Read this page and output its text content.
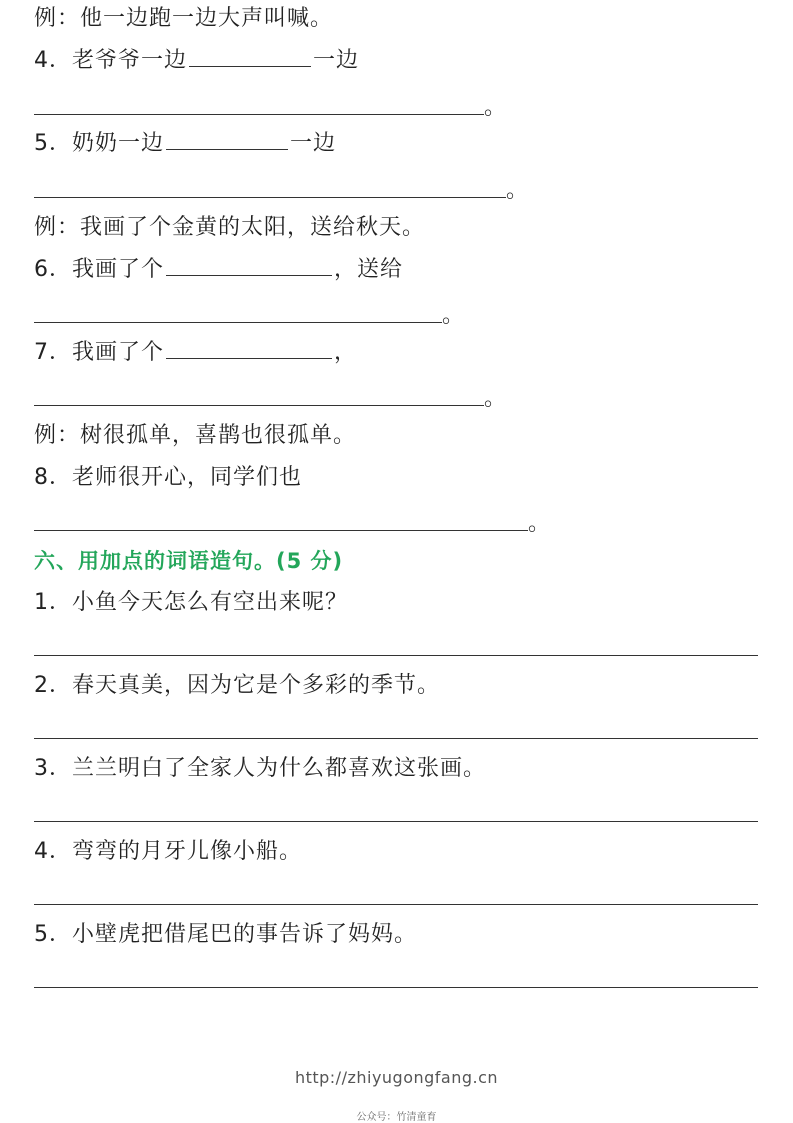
例：他一边跑一边大声叫喊。
4．老爷爷一边	一边
。
5．奶奶一边	一边
。
例：我画了个金黄的太阳，送给秋天。
6．我画了个	，送给
。
7．我画了个	，
。
例：树很孤单，喜鹊也很孤单。
8．老师很开心，同学们也
。
六、用加点的词语造句。(5 分)
1．小鱼今天怎么有空出来呢？
2．春天真美，因为它是个多彩的季节。
3．兰兰明白了全家人为什么都喜欢这张画。
4．弯弯的月牙儿像小船。
5．小壁虎把借尾巴的事告诉了妈妈。
http://zhiyugongfang.cn
公众号：竹清童育
